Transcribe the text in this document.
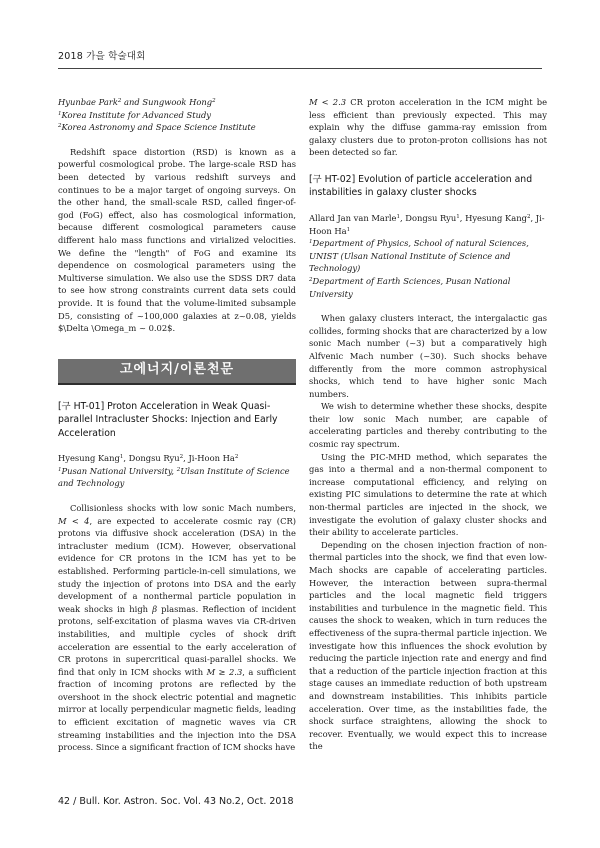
2018 가을 학술대회
Hyunbae Park$^2$ and Sungwook Hong$^2$
$^1$Korea Institute for Advanced Study
$^2$Korea Astronomy and Space Science Institute
Redshift space distortion (RSD) is known as a powerful cosmological probe. The large-scale RSD has been detected by various redshift surveys and continues to be a major target of ongoing surveys. On the other hand, the small-scale RSD, called finger-of-god (FoG) effect, also has cosmological information, because different cosmological parameters cause different halo mass functions and virialized velocities. We define the "length" of FoG and examine its dependence on cosmological parameters using the Multiverse simulation. We also use the SDSS DR7 data to see how strong constraints current data sets could provide. It is found that the volume-limited subsample D5, consisting of ~100,000 galaxies at z~0.08, yields $\Delta \Omega_m ~ 0.02$.
고에너지/이론천문
[구 HT-01] Proton Acceleration in Weak Quasi-parallel Intracluster Shocks: Injection and Early Acceleration
Hyesung Kang$^1$, Dongsu Ryu$^2$, Ji-Hoon Ha$^2$
$^1$Pusan National University, $^2$Ulsan Institute of Science and Technology
Collisionless shocks with low sonic Mach numbers, M < 4, are expected to accelerate cosmic ray (CR) protons via diffusive shock acceleration (DSA) in the intracluster medium (ICM). However, observational evidence for CR protons in the ICM has yet to be established. Performing particle-in-cell simulations, we study the injection of protons into DSA and the early development of a nonthermal particle population in weak shocks in high β plasmas. Reflection of incident protons, self-excitation of plasma waves via CR-driven instabilities, and multiple cycles of shock drift acceleration are essential to the early acceleration of CR protons in supercritical quasi-parallel shocks. We find that only in ICM shocks with M ≥ 2.3, a sufficient fraction of incoming protons are reflected by the overshoot in the shock electric potential and magnetic mirror at locally perpendicular magnetic fields, leading to efficient excitation of magnetic waves via CR streaming instabilities and the injection into the DSA process. Since a significant fraction of ICM shocks have
M < 2.3 CR proton acceleration in the ICM might be less efficient than previously expected. This may explain why the diffuse gamma-ray emission from galaxy clusters due to proton-proton collisions has not been detected so far.
[구 HT-02] Evolution of particle acceleration and instabilities in galaxy cluster shocks
Allard Jan van Marle$^1$, Dongsu Ryu$^1$, Hyesung Kang$^2$, Ji-Hoon Ha$^1$
$^1$Department of Physics, School of natural Sciences, UNIST (Ulsan National Institute of Science and Technology)
$^2$Department of Earth Sciences, Pusan National University
When galaxy clusters interact, the intergalactic gas collides, forming shocks that are characterized by a low sonic Mach number (~3) but a comparatively high Alfvenic Mach number (~30). Such shocks behave differently from the more common astrophysical shocks, which tend to have higher sonic Mach numbers.
We wish to determine whether these shocks, despite their low sonic Mach number, are capable of accelerating particles and thereby contributing to the cosmic ray spectrum.
Using the PIC-MHD method, which separates the gas into a thermal and a non-thermal component to increase computational efficiency, and relying on existing PIC simulations to determine the rate at which non-thermal particles are injected in the shock, we investigate the evolution of galaxy cluster shocks and their ability to accelerate particles.
Depending on the chosen injection fraction of non-thermal particles into the shock, we find that even low-Mach shocks are capable of accelerating particles. However, the interaction between supra-thermal particles and the local magnetic field triggers instabilities and turbulence in the magnetic field. This causes the shock to weaken, which in turn reduces the effectiveness of the supra-thermal particle injection. We investigate how this influences the shock evolution by reducing the particle injection rate and energy and find that a reduction of the particle injection fraction at this stage causes an immediate reduction of both upstream and downstream instabilities. This inhibits particle acceleration. Over time, as the instabilities fade, the shock surface straightens, allowing the shock to recover. Eventually, we would expect this to increase the
42 / Bull. Kor. Astron. Soc. Vol. 43 No.2, Oct. 2018
